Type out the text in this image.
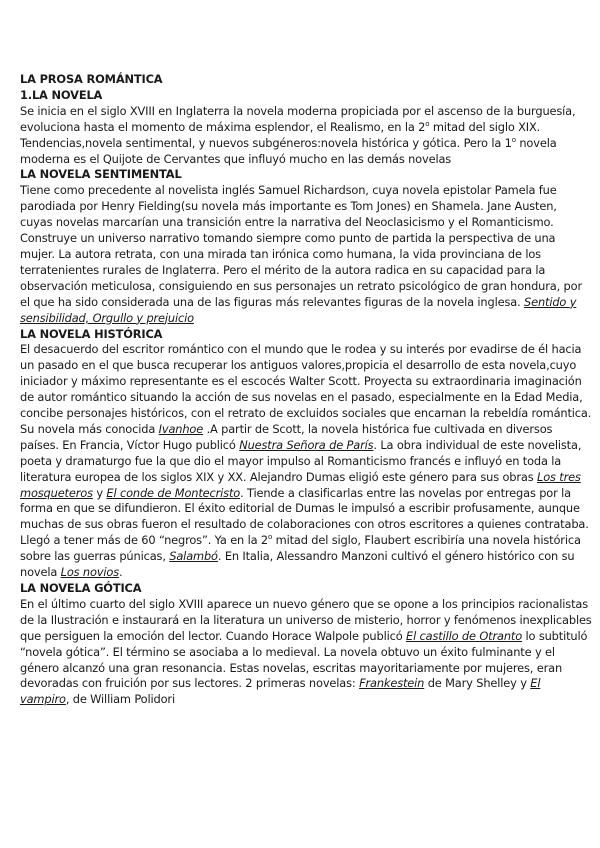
LA PROSA ROMÁNTICA
1.LA NOVELA

Se inicia en el siglo XVIII en Inglaterra la novela moderna propiciada por el ascenso de la burguesía, evoluciona hasta el momento de máxima esplendor, el Realismo, en la 2$^o$ mitad del siglo XIX. Tendencias,novela sentimental, y nuevos subgéneros:novela histórica y gótica. Pero la 1$^o$ novela moderna es el Quijote de Cervantes que influyó mucho en las demás novelas

LA NOVELA SENTIMENTAL

Tiene como precedente al novelista inglés Samuel Richardson, cuya novela epistolar Pamela fue parodiada por Henry Fielding(su novela más importante es Tom Jones) en Shamela. Jane Austen, cuyas novelas marcarían una transición entre la narrativa del Neoclasicismo y el Romanticismo. Construye un universo narrativo tomando siempre como punto de partida la perspectiva de una mujer. La autora retrata, con una mirada tan irónica como humana, la vida provinciana de los terratenientes rurales de Inglaterra. Pero el mérito de la autora radica en su capacidad para la observación meticulosa, consiguiendo en sus personajes un retrato psicológico de gran hondura, por el que ha sido considerada una de las figuras más relevantes figuras de la novela inglesa. Sentido y sensibilidad, Orgullo y prejuicio

LA NOVELA HISTÓRICA

El desacuerdo del escritor romántico con el mundo que le rodea y su interés por evadirse de él hacia un pasado en el que busca recuperar los antiguos valores,propicia el desarrollo de esta novela,cuyo iniciador y máximo representante es el escocés Walter Scott. Proyecta su extraordinaria imaginación de autor romántico situando la acción de sus novelas en el pasado, especialmente en la Edad Media, concibe personajes históricos, con el retrato de excluidos sociales que encarnan la rebeldía romántica. Su novela más conocida Ivanhoe .A partir de Scott, la novela histórica fue cultivada en diversos países. En Francia, Víctor Hugo publicó Nuestra Señora de París. La obra individual de este novelista, poeta y dramaturgo fue la que dio el mayor impulso al Romanticismo francés e influyó en toda la literatura europea de los siglos XIX y XX. Alejandro Dumas eligió este género para sus obras Los tres mosqueteros y El conde de Montecristo. Tiende a clasificarlas entre las novelas por entregas por la forma en que se difundieron. El éxito editorial de Dumas le impulsó a escribir profusamente, aunque muchas de sus obras fueron el resultado de colaboraciones con otros escritores a quienes contrataba. Llegó a tener más de 60 “negros”. Ya en la 2$^o$ mitad del siglo, Flaubert escribiría una novela histórica sobre las guerras púnicas, Salambó. En Italia, Alessandro Manzoni cultivó el género histórico con su novela Los novios.

LA NOVELA GÓTICA

En el último cuarto del siglo XVIII aparece un nuevo género que se opone a los principios racionalistas de la Ilustración e instaurará en la literatura un universo de misterio, horror y fenómenos inexplicables que persiguen la emoción del lector. Cuando Horace Walpole publicó El castillo de Otranto lo subtituló “novela gótica”. El término se asociaba a lo medieval. La novela obtuvo un éxito fulminante y el género alcanzó una gran resonancia. Estas novelas, escritas mayoritariamente por mujeres, eran devoradas con fruición por sus lectores. 2 primeras novelas: Frankestein de Mary Shelley y El vampiro, de William Polidori
